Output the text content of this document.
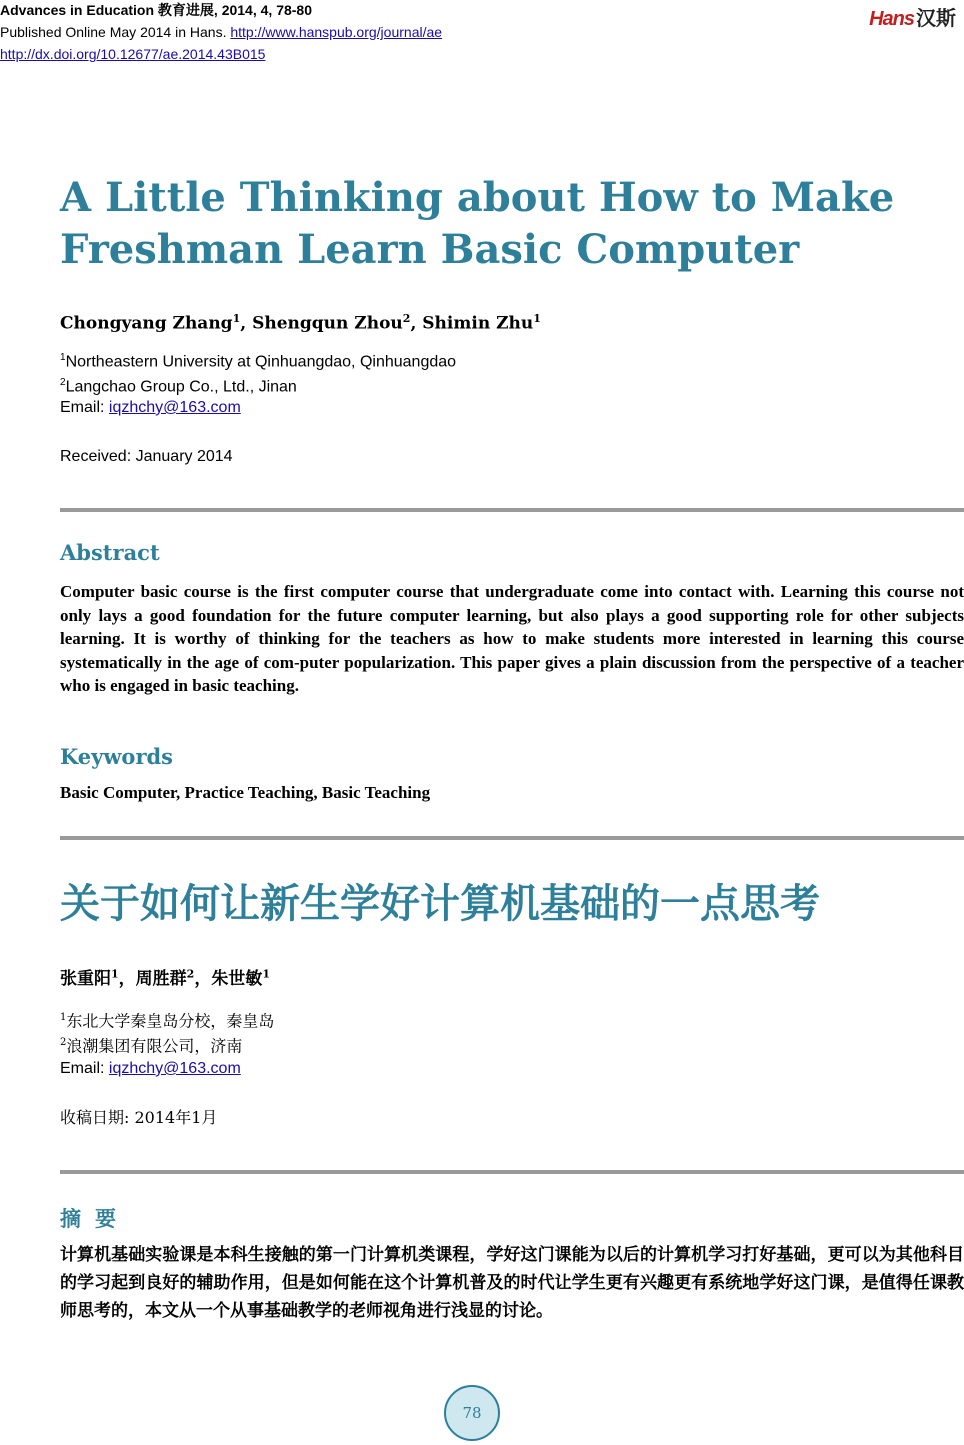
Advances in Education 教育进展, 2014, 4, 78-80
Published Online May 2014 in Hans. http://www.hanspub.org/journal/ae
http://dx.doi.org/10.12677/ae.2014.43B015
Hans 汉斯
A Little Thinking about How to Make
Freshman Learn Basic Computer
Chongyang Zhang$^1$, Shengqun Zhou$^2$, Shimin Zhu$^1$
$^1$Northeastern University at Qinhuangdao, Qinhuangdao
$^2$Langchao Group Co., Ltd., Jinan
Email: iqzhchy@163.com
Received: January 2014
Abstract
Computer basic course is the first computer course that undergraduate come into contact with. Learning this course not only lays a good foundation for the future computer learning, but also plays a good supporting role for other subjects learning. It is worthy of thinking for the teachers as how to make students more interested in learning this course systematically in the age of com-puter popularization. This paper gives a plain discussion from the perspective of a teacher who is engaged in basic teaching.
Keywords
Basic Computer, Practice Teaching, Basic Teaching
关于如何让新生学好计算机基础的一点思考
张重阳$^1$，周胜群$^2$，朱世敏$^1$
$^1$东北大学秦皇岛分校，秦皇岛
$^2$浪潮集团有限公司，济南
Email: iqzhchy@163.com
收稿日期: 2014年1月
摘要
计算机基础实验课是本科生接触的第一门计算机类课程，学好这门课能为以后的计算机学习打好基础，更可以为其他科目的学习起到良好的辅助作用，但是如何能在这个计算机普及的时代让学生更有兴趣更有系统地学好这门课，是值得任课教师思考的，本文从一个从事基础教学的老师视角进行浅显的讨论。
78
